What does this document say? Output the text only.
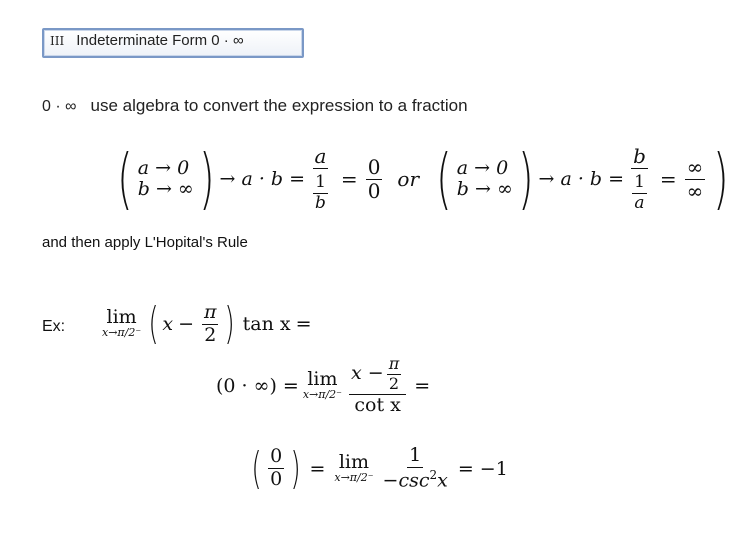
III Indeterminate Form 0 · ∞
0 · ∞ use algebra to convert the expression to a fraction
( a → 0
b → ∞ ) → $a \cdot b = \frac{a}{\frac{1}{b}} = \frac{0}{0}$ or ( a → 0
b → ∞ ) → $a \cdot b = \frac{b}{\frac{1}{a}} = \frac{\infty}{\infty}$ )
and then apply L'Hopital's Rule
Ex: lim
x→π/2⁻ ( $x - \frac{\pi}{2}$ ) tan x =
(0 · ∞) = lim
$x\to\pi/2^- \frac{x - \frac{\pi}{2}}{\text{cot x}}$ =
( $\frac{0}{0}$ ) = lim
$x\to\pi/2^- \frac{1}{-\csc^2x} = -1$
